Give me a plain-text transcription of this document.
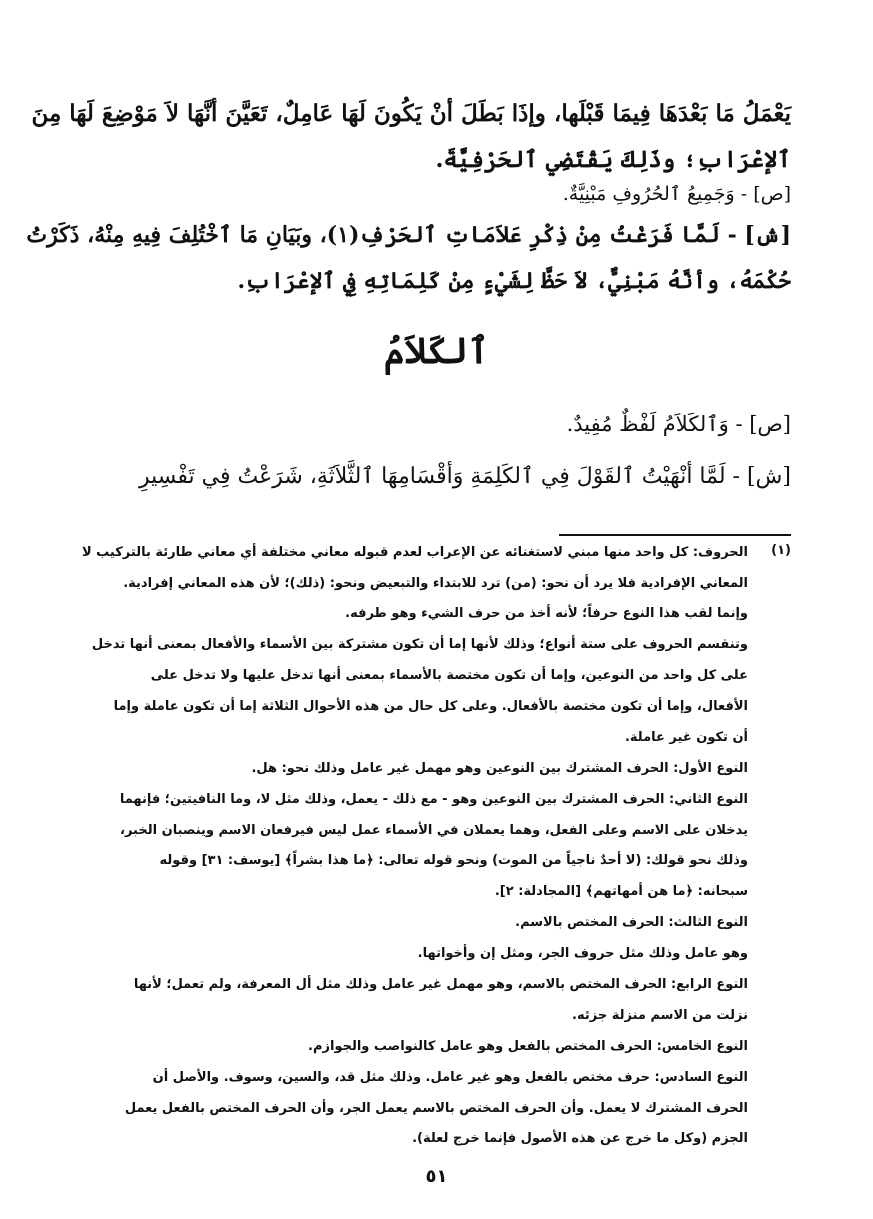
يَعْمَلُ مَا بَعْدَهَا فِيمَا قَبْلَها، وإذَا بَطَلَ أنْ يَكُونَ لَهَا عَامِلٌ، تَعَيَّنَ أنَّهَا لاَ مَوْضِعَ لَهَا مِنَ
ٱلإعْرَابِ؛ وذَلِكَ يَقْتَضِي ٱلحَرْفِيَّةَ.
[ص] - وَجَمِيعُ ٱلحُرُوفِ مَبْنِيَّةٌ.
[ش] - لَمَّا فَرَغْتُ مِنْ ذِكْرِ عَلاَمَاتِ ٱلحَرْفِ(١)، وبَيَانِ مَا ٱخْتُلِفَ فِيهِ مِنْهُ، ذَكَرْتُ
حُكْمَهُ، وأنَّهُ مَبْنِيٌّ، لاَ حَظَّ لِشَيْءٍ مِنْ كَلِمَاتِهِ فِي ٱلإعْرَابِ.
ٱلكَلاَمُ
[ص] - وَٱلكَلاَمُ لَفْظٌ مُفِيدٌ.
[ش] - لَمَّا أنْهَيْتُ ٱلقَوْلَ فِي ٱلكَلِمَةِ وَأقْسَامِهَا ٱلثَّلاَثَةِ، شَرَعْتُ فِي تَفْسِيرِ
(١)
الحروف: كل واحد منها مبني لاستغنائه عن الإعراب لعدم قبوله معاني مختلفة أي معاني طارئة بالتركيب لا
المعاني الإفرادية فلا يرد أن نحو: (من) ترد للابتداء والتبعيض ونحو: (ذلك)؛ لأن هذه المعاني إفرادية.
وإنما لقب هذا النوع حرفاً؛ لأنه أخذ من حرف الشيء وهو طرفه.
وتنقسم الحروف على ستة أنواع؛ وذلك لأنها إما أن تكون مشتركة بين الأسماء والأفعال بمعنى أنها تدخل
على كل واحد من النوعين، وإما أن تكون مختصة بالأسماء بمعنى أنها تدخل عليها ولا تدخل على
الأفعال، وإما أن تكون مختصة بالأفعال. وعلى كل حال من هذه الأحوال الثلاثة إما أن تكون عاملة وإما
أن تكون غير عاملة.
النوع الأول: الحرف المشترك بين النوعين وهو مهمل غير عامل وذلك نحو: هل.
النوع الثاني: الحرف المشترك بين النوعين وهو - مع ذلك - يعمل، وذلك مثل لا، وما النافيتين؛ فإنهما
يدخلان على الاسم وعلى الفعل، وهما يعملان في الأسماء عمل ليس فيرفعان الاسم وينصبان الخبر،
وذلك نحو قولك: (لا أحدٌ ناجياً من الموت) ونحو قوله تعالى: ﴿ما هذا بشراً﴾ [يوسف: ٣١] وقوله
سبحانه: ﴿ما هن أمهاتهم﴾ [المجادلة: ٢].
النوع الثالث: الحرف المختص بالاسم.
وهو عامل وذلك مثل حروف الجر، ومثل إن وأخواتها.
النوع الرابع: الحرف المختص بالاسم، وهو مهمل غير عامل وذلك مثل أل المعرفة، ولم تعمل؛ لأنها
نزلت من الاسم منزلة جزئه.
النوع الخامس: الحرف المختص بالفعل وهو عامل كالنواصب والجوازم.
النوع السادس: حرف مختص بالفعل وهو غير عامل. وذلك مثل قد، والسين، وسوف. والأصل أن
الحرف المشترك لا يعمل. وأن الحرف المختص بالاسم يعمل الجر، وأن الحرف المختص بالفعل يعمل
الجزم (وكل ما خرج عن هذه الأصول فإنما خرج لعلة).
٥١
